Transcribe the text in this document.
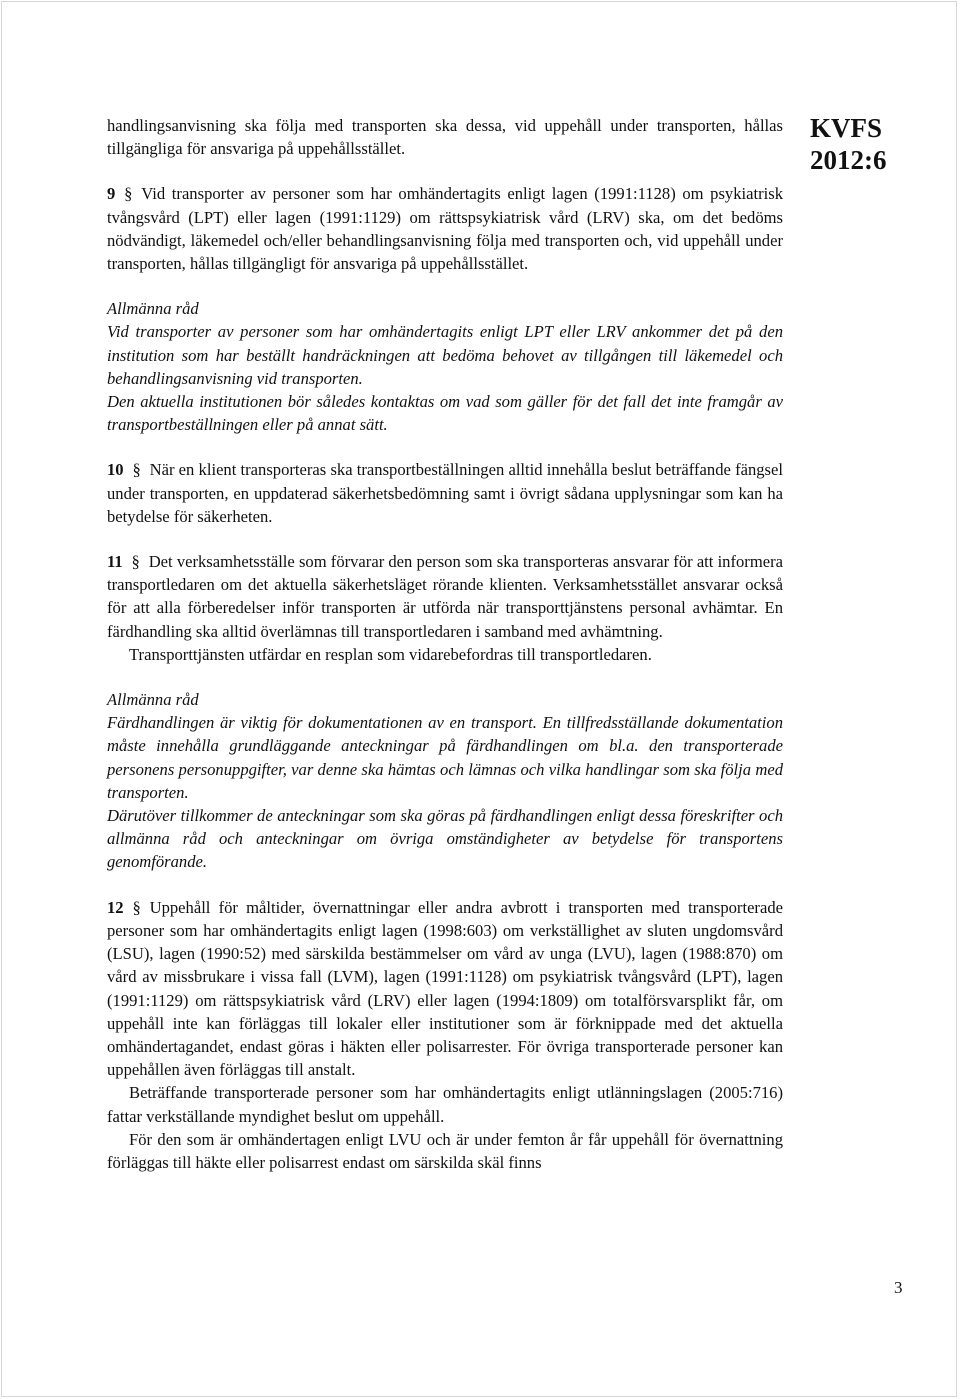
KVFS
2012:6

handlingsanvisning ska följa med transporten ska dessa, vid uppehåll under transporten, hållas tillgängliga för ansvariga på uppehållsstället.

9 § Vid transporter av personer som har omhändertagits enligt lagen (1991:1128) om psykiatrisk tvångsvård (LPT) eller lagen (1991:1129) om rättspsykiatrisk vård (LRV) ska, om det bedöms nödvändigt, läkemedel och/eller behandlingsanvisning följa med transporten och, vid uppehåll under transporten, hållas tillgängligt för ansvariga på uppehållsstället.

Allmänna råd

Vid transporter av personer som har omhändertagits enligt LPT eller LRV ankommer det på den institution som har beställt handräckningen att bedöma behovet av tillgången till läkemedel och behandlingsanvisning vid transporten.

Den aktuella institutionen bör således kontaktas om vad som gäller för det fall det inte framgår av transportbeställningen eller på annat sätt.

10 § När en klient transporteras ska transportbeställningen alltid innehålla beslut beträffande fängsel under transporten, en uppdaterad säkerhetsbedömning samt i övrigt sådana upplysningar som kan ha betydelse för säkerheten.

11 § Det verksamhetsställe som förvarar den person som ska transporteras ansvarar för att informera transportledaren om det aktuella säkerhetsläget rörande klienten. Verksamhetsstället ansvarar också för att alla förberedelser inför transporten är utförda när transporttjänstens personal avhämtar. En färdhandling ska alltid överlämnas till transportledaren i samband med avhämtning.

Transporttjänsten utfärdar en resplan som vidarebefordras till transportledaren.

Allmänna råd

Färdhandlingen är viktig för dokumentationen av en transport. En tillfredsställande dokumentation måste innehålla grundläggande anteckningar på färdhandlingen om bl.a. den transporterade personens personuppgifter, var denne ska hämtas och lämnas och vilka handlingar som ska följa med transporten.

Därutöver tillkommer de anteckningar som ska göras på färdhandlingen enligt dessa föreskrifter och allmänna råd och anteckningar om övriga omständigheter av betydelse för transportens genomförande.

12 § Uppehåll för måltider, övernattningar eller andra avbrott i transporten med transporterade personer som har omhändertagits enligt lagen (1998:603) om verkställighet av sluten ungdomsvård (LSU), lagen (1990:52) med särskilda bestämmelser om vård av unga (LVU), lagen (1988:870) om vård av missbrukare i vissa fall (LVM), lagen (1991:1128) om psykiatrisk tvångsvård (LPT), lagen (1991:1129) om rättspsykiatrisk vård (LRV) eller lagen (1994:1809) om totalförsvarsplikt får, om uppehåll inte kan förläggas till lokaler eller institutioner som är förknippade med det aktuella omhändertagandet, endast göras i häkten eller polisarrester. För övriga transporterade personer kan uppehållen även förläggas till anstalt.

Beträffande transporterade personer som har omhändertagits enligt utlänningslagen (2005:716) fattar verkställande myndighet beslut om uppehåll.

För den som är omhändertagen enligt LVU och är under femton år får uppehåll för övernattning förläggas till häkte eller polisarrest endast om särskilda skäl finns

3
